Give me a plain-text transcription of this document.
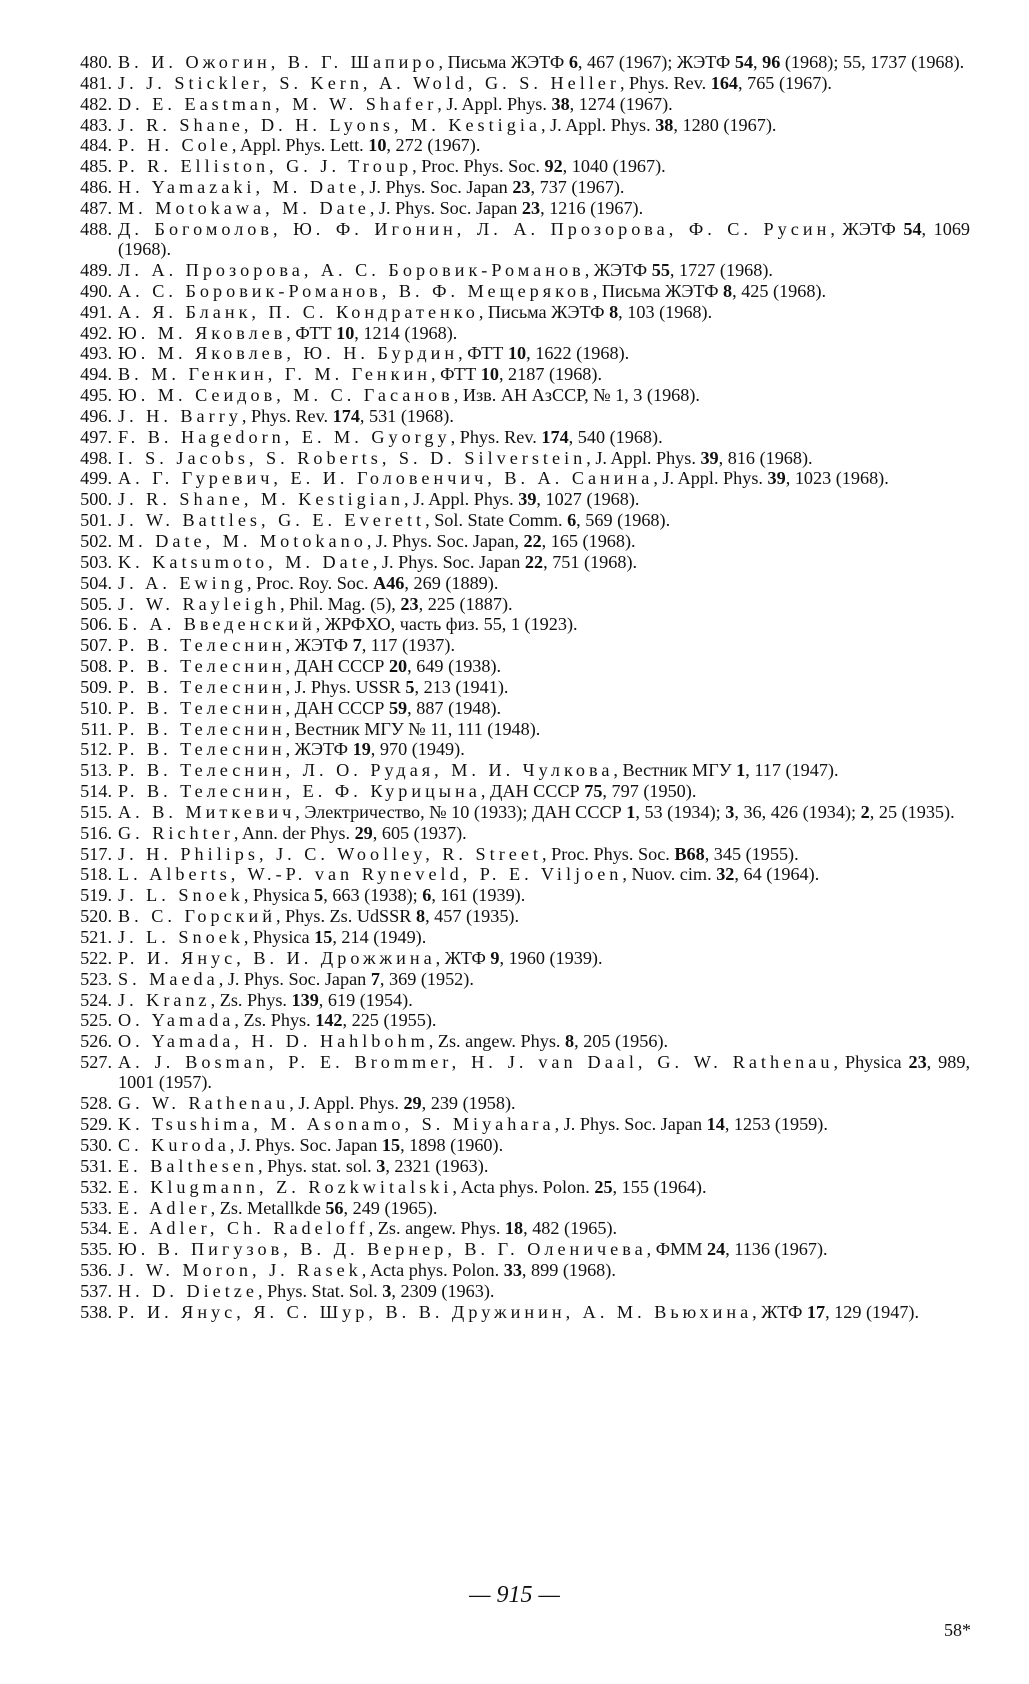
480. В. И. Ожогин, В. Г. Шапиро, Письма ЖЭТФ 6, 467 (1967); ЖЭТФ 54, 96 (1968); 55, 1737 (1968).
481. J. J. Stickler, S. Kern, A. Wold, G. S. Heller, Phys. Rev. 164, 765 (1967).
482. D. E. Eastman, M. W. Shafer, J. Appl. Phys. 38, 1274 (1967).
483. J. R. Shane, D. H. Lyons, M. Kestigia, J. Appl. Phys. 38, 1280 (1967).
484. P. H. Cole, Appl. Phys. Lett. 10, 272 (1967).
485. P. R. Elliston, G. J. Troup, Proc. Phys. Soc. 92, 1040 (1967).
486. H. Yamazaki, M. Date, J. Phys. Soc. Japan 23, 737 (1967).
487. M. Motokawa, M. Date, J. Phys. Soc. Japan 23, 1216 (1967).
488. Д. Богомолов, Ю. Ф. Игонин, Л. А. Прозорова, Ф. С. Русин, ЖЭТФ 54, 1069 (1968).
489. Л. А. Прозорова, А. С. Боровик-Романов, ЖЭТФ 55, 1727 (1968).
490. А. С. Боровик-Романов, В. Ф. Мещеряков, Письма ЖЭТФ 8, 425 (1968).
491. А. Я. Бланк, П. С. Кондратенко, Письма ЖЭТФ 8, 103 (1968).
492. Ю. М. Яковлев, ФТТ 10, 1214 (1968).
493. Ю. М. Яковлев, Ю. Н. Бурдин, ФТТ 10, 1622 (1968).
494. В. М. Генкин, Г. М. Генкин, ФТТ 10, 2187 (1968).
495. Ю. М. Сеидов, М. С. Гасанов, Изв. АН АзССР, № 1, 3 (1968).
496. J. H. Barry, Phys. Rev. 174, 531 (1968).
497. F. B. Hagedorn, E. M. Gyorgy, Phys. Rev. 174, 540 (1968).
498. I. S. Jacobs, S. Roberts, S. D. Silverstein, J. Appl. Phys. 39, 816 (1968).
499. А. Г. Гуревич, Е. И. Головенчич, В. А. Санина, J. Appl. Phys. 39, 1023 (1968).
500. J. R. Shane, M. Kestigian, J. Appl. Phys. 39, 1027 (1968).
501. J. W. Battles, G. E. Everett, Sol. State Comm. 6, 569 (1968).
502. M. Date, M. Motokano, J. Phys. Soc. Japan, 22, 165 (1968).
503. K. Katsumoto, M. Date, J. Phys. Soc. Japan 22, 751 (1968).
504. J. A. Ewing, Proc. Roy. Soc. A46, 269 (1889).
505. J. W. Rayleigh, Phil. Mag. (5), 23, 225 (1887).
506. Б. А. Введенский, ЖРФХО, часть физ. 55, 1 (1923).
507. Р. В. Телеснин, ЖЭТФ 7, 117 (1937).
508. Р. В. Телеснин, ДАН СССР 20, 649 (1938).
509. Р. В. Телеснин, J. Phys. USSR 5, 213 (1941).
510. Р. В. Телеснин, ДАН СССР 59, 887 (1948).
511. Р. В. Телеснин, Вестник МГУ № 11, 111 (1948).
512. Р. В. Телеснин, ЖЭТФ 19, 970 (1949).
513. Р. В. Телеснин, Л. О. Рудая, М. И. Чулкова, Вестник МГУ 1, 117 (1947).
514. Р. В. Телеснин, Е. Ф. Курицына, ДАН СССР 75, 797 (1950).
515. А. В. Миткевич, Электричество, № 10 (1933); ДАН СССР 1, 53 (1934); 3, 36, 426 (1934); 2, 25 (1935).
516. G. Richter, Ann. der Phys. 29, 605 (1937).
517. J. H. Philips, J. C. Woolley, R. Street, Proc. Phys. Soc. B68, 345 (1955).
518. L. Alberts, W.-P. van Ryneveld, P. E. Viljoen, Nuov. cim. 32, 64 (1964).
519. J. L. Snoek, Physica 5, 663 (1938); 6, 161 (1939).
520. В. С. Горский, Phys. Zs. UdSSR 8, 457 (1935).
521. J. L. Snoek, Physica 15, 214 (1949).
522. Р. И. Янус, В. И. Дрожжина, ЖТФ 9, 1960 (1939).
523. S. Maeda, J. Phys. Soc. Japan 7, 369 (1952).
524. J. Kranz, Zs. Phys. 139, 619 (1954).
525. O. Yamada, Zs. Phys. 142, 225 (1955).
526. O. Yamada, H. D. Hahlbohm, Zs. angew. Phys. 8, 205 (1956).
527. A. J. Bosman, P. E. Brommer, H. J. van Daal, G. W. Rathenau, Physica 23, 989, 1001 (1957).
528. G. W. Rathenau, J. Appl. Phys. 29, 239 (1958).
529. K. Tsushima, M. Asonamo, S. Miyahara, J. Phys. Soc. Japan 14, 1253 (1959).
530. C. Kuroda, J. Phys. Soc. Japan 15, 1898 (1960).
531. E. Balthesen, Phys. stat. sol. 3, 2321 (1963).
532. E. Klugmann, Z. Rozkwitalski, Acta phys. Polon. 25, 155 (1964).
533. E. Adler, Zs. Metallkde 56, 249 (1965).
534. E. Adler, Ch. Radeloff, Zs. angew. Phys. 18, 482 (1965).
535. Ю. В. Пигузов, В. Д. Вернер, В. Г. Оленичева, ФММ 24, 1136 (1967).
536. J. W. Moron, J. Rasek, Acta phys. Polon. 33, 899 (1968).
537. H. D. Dietze, Phys. Stat. Sol. 3, 2309 (1963).
538. Р. И. Янус, Я. С. Шур, В. В. Дружинин, А. М. Вьюхина, ЖТФ 17, 129 (1947).
— 915 —
58*
